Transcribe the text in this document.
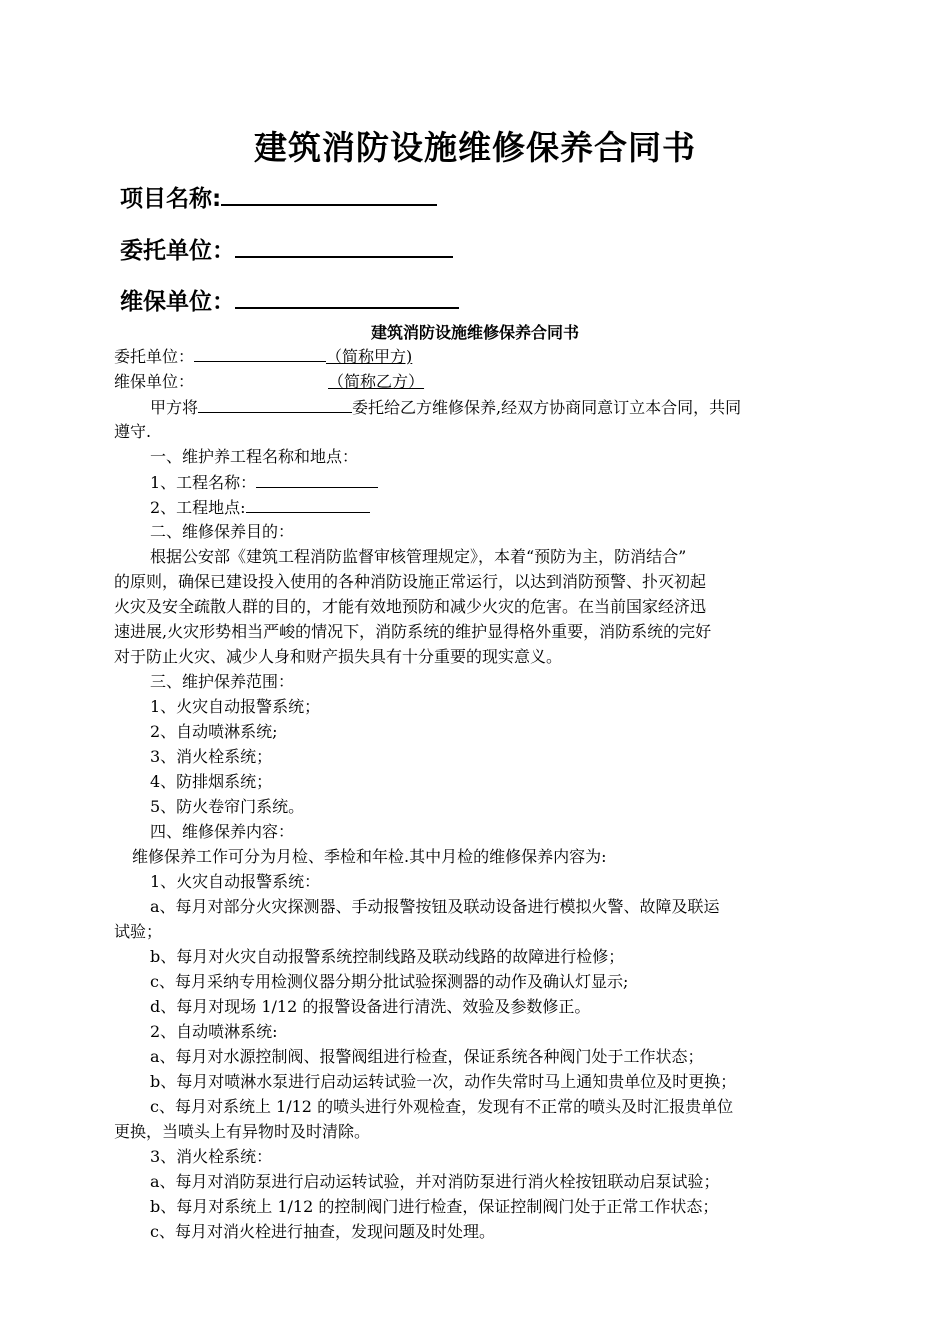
建筑消防设施维修保养合同书
项目名称:
委托单位：
维保单位：
建筑消防设施维修保养合同书
委托单位：	（简称甲方)
维保单位：	（简称乙方）
甲方将	委托给乙方维修保养,经双方协商同意订立本合同，共同
遵守.
一、维护养工程名称和地点：
1、工程名称：
2、工程地点:
二、维修保养目的：
根据公安部《建筑工程消防监督审核管理规定》，本着“预防为主，防消结合”
的原则，确保已建设投入使用的各种消防设施正常运行，以达到消防预警、扑灭初起
火灾及安全疏散人群的目的，才能有效地预防和减少火灾的危害。在当前国家经济迅
速进展,火灾形势相当严峻的情况下，消防系统的维护显得格外重要，消防系统的完好
对于防止火灾、减少人身和财产损失具有十分重要的现实意义。
三、维护保养范围：
1、火灾自动报警系统；
2、自动喷淋系统;
3、消火栓系统；
4、防排烟系统；
5、防火卷帘门系统。
四、维修保养内容：
维修保养工作可分为月检、季检和年检.其中月检的维修保养内容为:
1、火灾自动报警系统：
a、每月对部分火灾探测器、手动报警按钮及联动设备进行模拟火警、故障及联运
试验；
b、每月对火灾自动报警系统控制线路及联动线路的故障进行检修；
c、每月采纳专用检测仪器分期分批试验探测器的动作及确认灯显示;
d、每月对现场 1/12 的报警设备进行清洗、效验及参数修正。
2、自动喷淋系统:
a、每月对水源控制阀、报警阀组进行检查，保证系统各种阀门处于工作状态；
b、每月对喷淋水泵进行启动运转试验一次，动作失常时马上通知贵单位及时更换；
c、每月对系统上 1/12 的喷头进行外观检查，发现有不正常的喷头及时汇报贵单位
更换，当喷头上有异物时及时清除。
3、消火栓系统：
a、每月对消防泵进行启动运转试验，并对消防泵进行消火栓按钮联动启泵试验；
b、每月对系统上 1/12 的控制阀门进行检查，保证控制阀门处于正常工作状态；
c、每月对消火栓进行抽查，发现问题及时处理。
